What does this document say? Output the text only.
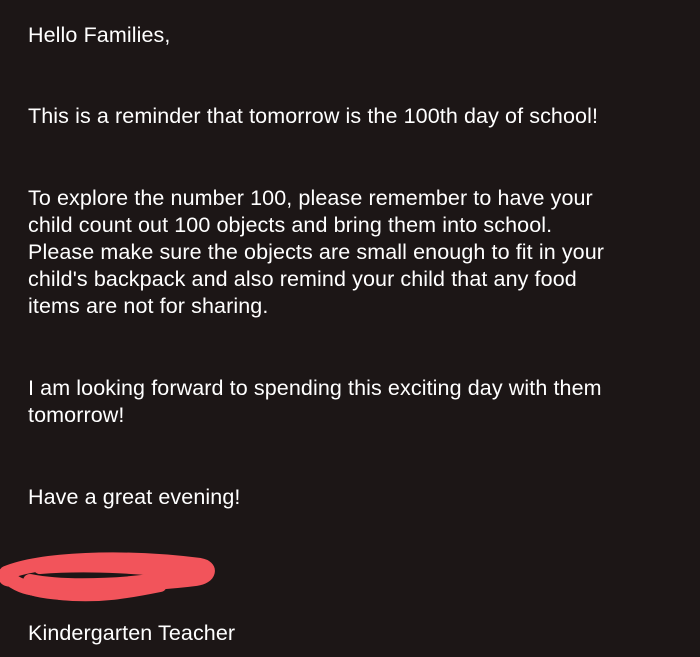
Hello Families,

This is a reminder that tomorrow is the 100th day of school!

To explore the number 100, please remember to have your
child count out 100 objects and bring them into school.
Please make sure the objects are small enough to fit in your
child's backpack and also remind your child that any food
items are not for sharing.

I am looking forward to spending this exciting day with them
tomorrow!

Have a great evening!

Kindergarten Teacher
